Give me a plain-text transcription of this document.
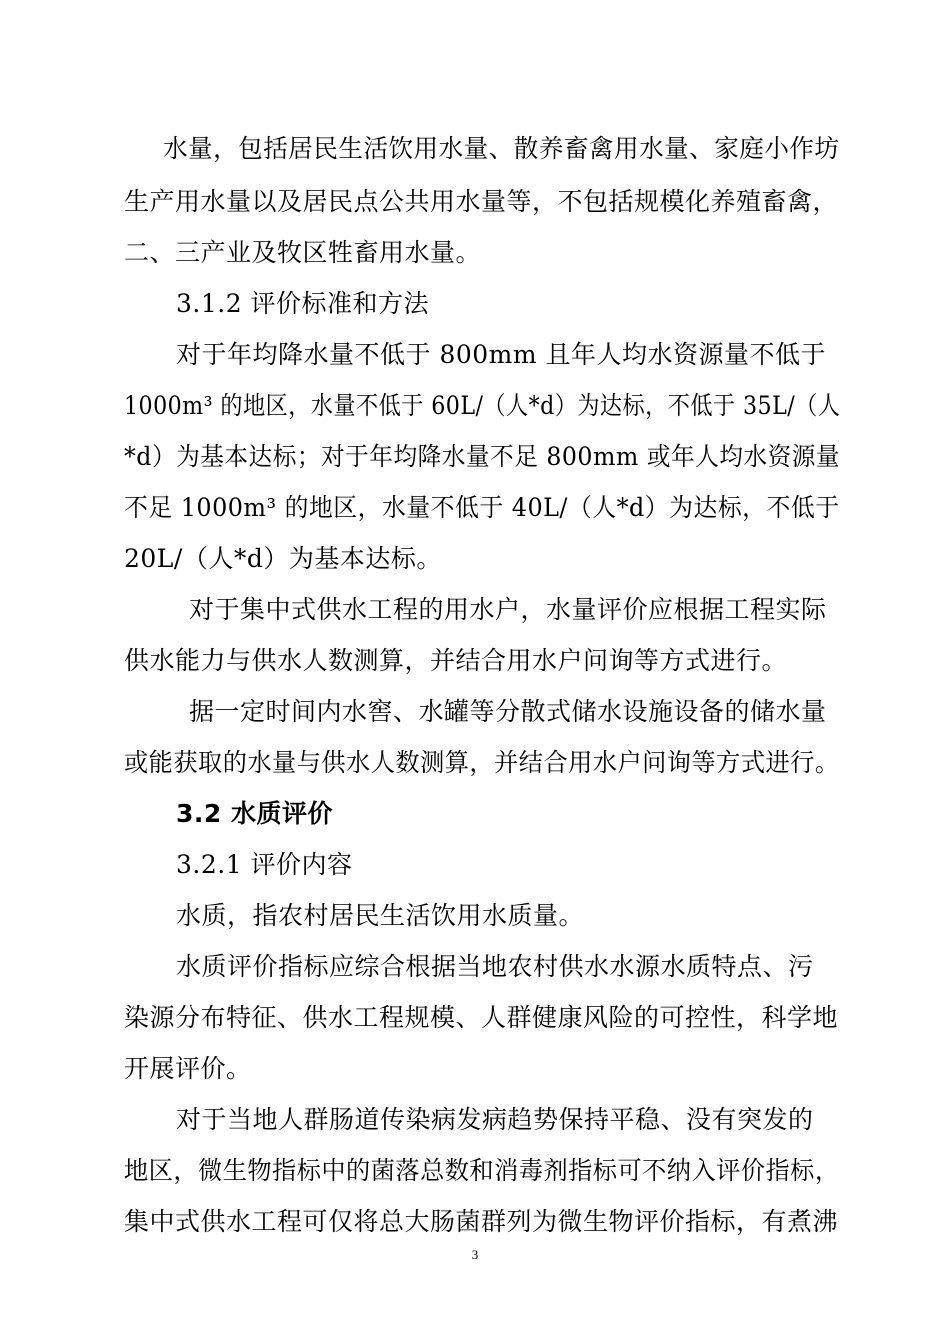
水量，包括居民生活饮用水量、散养畜禽用水量、家庭小作坊
生产用水量以及居民点公共用水量等，不包括规模化养殖畜禽，
二、三产业及牧区牲畜用水量。
3.1.2 评价标准和方法
对于年均降水量不低于 800mm 且年人均水资源量不低于
1000m³ 的地区，水量不低于 60L/（人*d）为达标，不低于 35L/（人
*d）为基本达标；对于年均降水量不足 800mm 或年人均水资源量
不足 1000m³ 的地区，水量不低于 40L/（人*d）为达标，不低于
20L/（人*d）为基本达标。
对于集中式供水工程的用水户，水量评价应根据工程实际
供水能力与供水人数测算，并结合用水户问询等方式进行。
据一定时间内水窖、水罐等分散式储水设施设备的储水量
或能获取的水量与供水人数测算，并结合用水户问询等方式进行。
3.2 水质评价
3.2.1 评价内容
水质，指农村居民生活饮用水质量。
水质评价指标应综合根据当地农村供水水源水质特点、污
染源分布特征、供水工程规模、人群健康风险的可控性，科学地
开展评价。
对于当地人群肠道传染病发病趋势保持平稳、没有突发的
地区，微生物指标中的菌落总数和消毒剂指标可不纳入评价指标，
集中式供水工程可仅将总大肠菌群列为微生物评价指标，有煮沸
3
